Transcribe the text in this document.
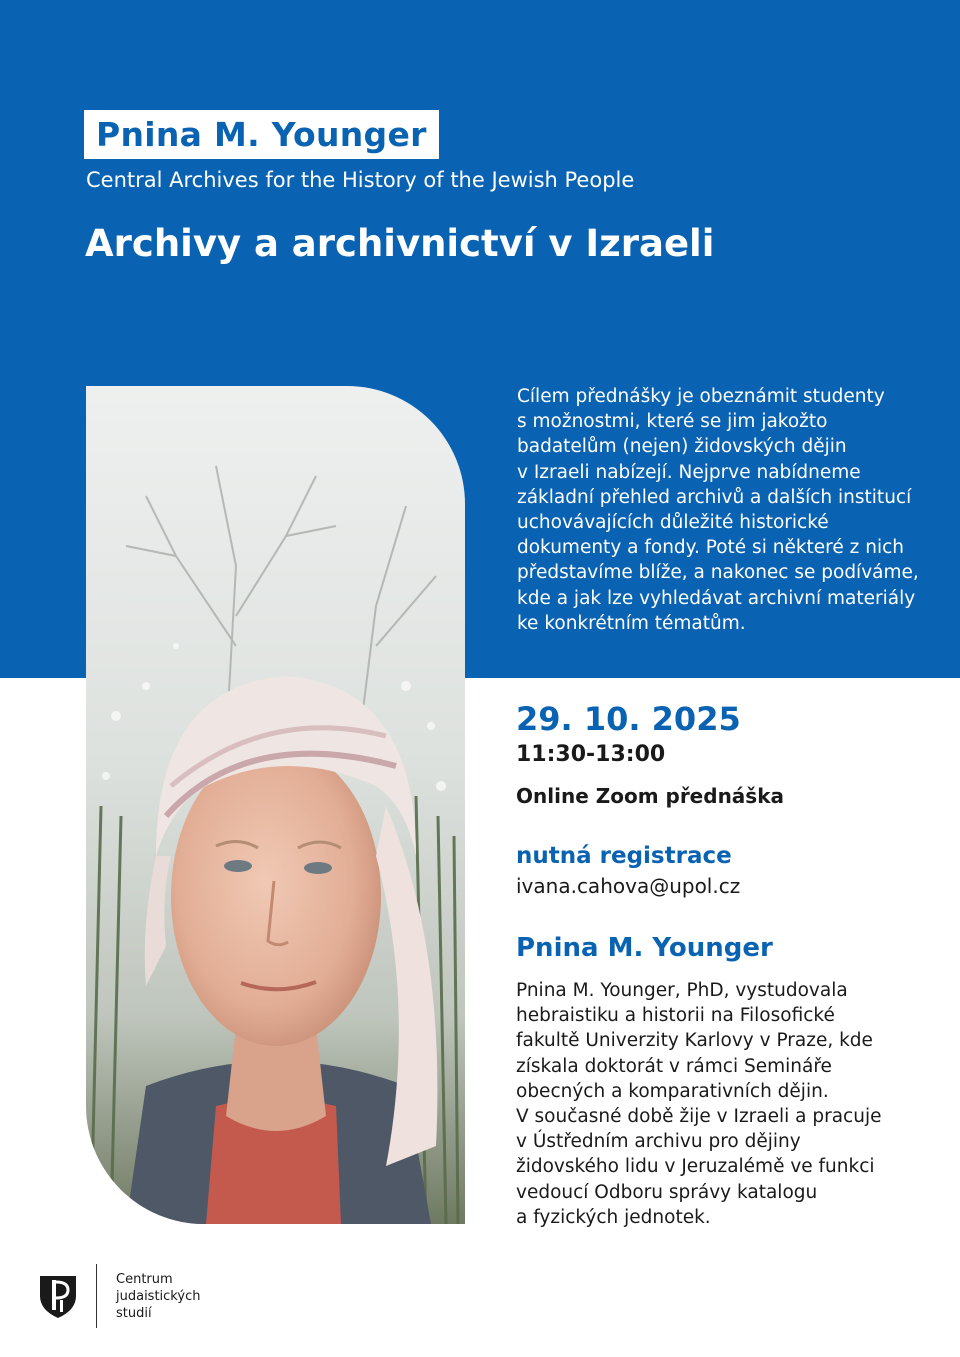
Pnina M. Younger
Central Archives for the History of the Jewish People
Archivy a archivnictví v Izraeli
Cílem přednášky je obeznámit studenty
s možnostmi, které se jim jakožto
badatelům (nejen) židovských dějin
v Izraeli nabízejí. Nejprve nabídneme
základní přehled archivů a dalších institucí
uchovávajících důležité historické
dokumenty a fondy. Poté si některé z nich
představíme blíže, a nakonec se podíváme,
kde a jak lze vyhledávat archivní materiály
ke konkrétním tématům.
29. 10. 2025
11:30-13:00
Online Zoom přednáška
nutná registrace
ivana.cahova@upol.cz
Pnina M. Younger
Pnina M. Younger, PhD, vystudovala
hebraistiku a historii na Filosofické
fakultě Univerzity Karlovy v Praze, kde
získala doktorát v rámci Semináře
obecných a komparativních dějin.
V současné době žije v Izraeli a pracuje
v Ústředním archivu pro dějiny
židovského lidu v Jeruzalémě ve funkci
vedoucí Odboru správy katalogu
a fyzických jednotek.
Centrum
judaistických
studií
